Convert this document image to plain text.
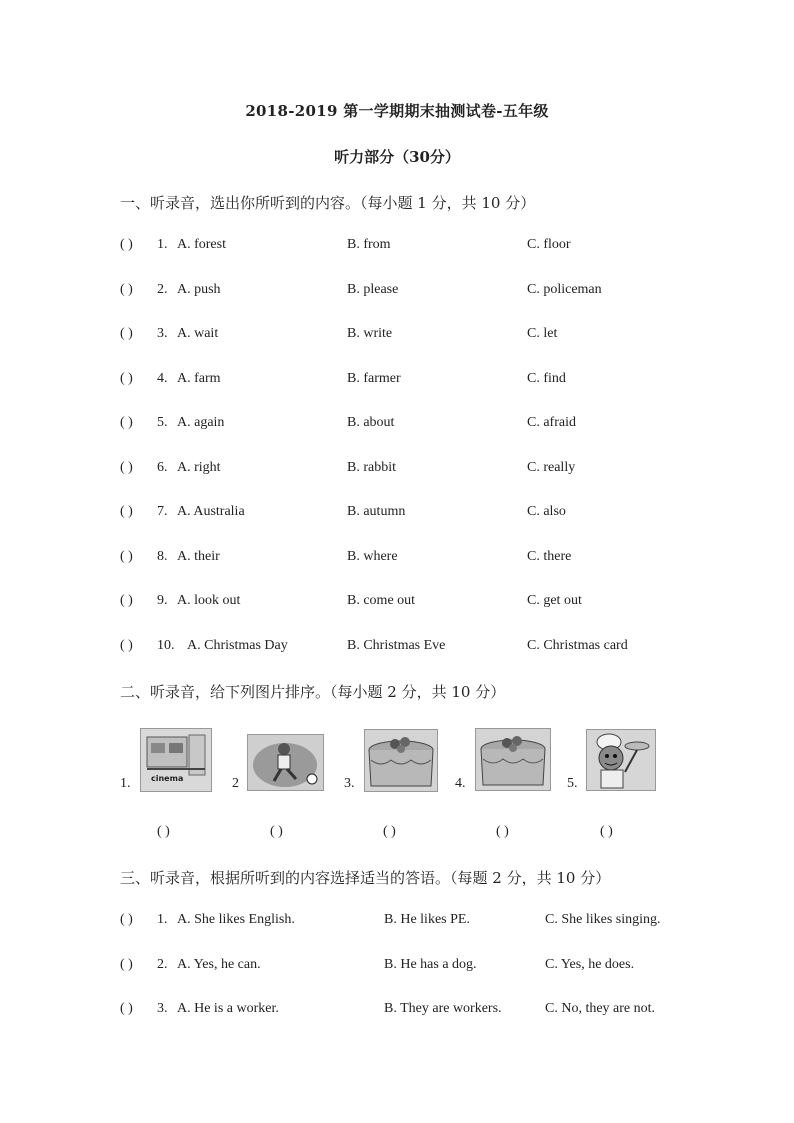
2018-2019 第一学期期末抽测试卷-五年级
听力部分（30分）
一、听录音，选出你所听到的内容。（每小题 1 分，共 10 分）
( ) 1. A. forest	B. from	C. floor
( ) 2. A. push	B. please	C. policeman
( ) 3. A. wait	B. write	C. let
( ) 4. A. farm	B. farmer	C. find
( ) 5. A. again	B. about	C. afraid
( ) 6. A. right	B. rabbit	C. really
( ) 7. A. Australia	B. autumn	C. also
( ) 8. A. their	B. where	C. there
( ) 9. A. look out	B. come out	C. get out
( ) 10. A. Christmas Day	B. Christmas Eve	C. Christmas card
二、听录音，给下列图片排序。（每小题 2 分，共 10 分）
1.	cinema	2	3.	4.	5.
( )	( )	( )	( )	( )
三、听录音，根据所听到的内容选择适当的答语。（每题 2 分，共 10 分）
( ) 1. A. She likes English.	B. He likes PE.	C. She likes singing.
( ) 2. A. Yes, he can.	B. He has a dog.	C. Yes, he does.
( ) 3. A. He is a worker.	B. They are workers.	C. No, they are not.
